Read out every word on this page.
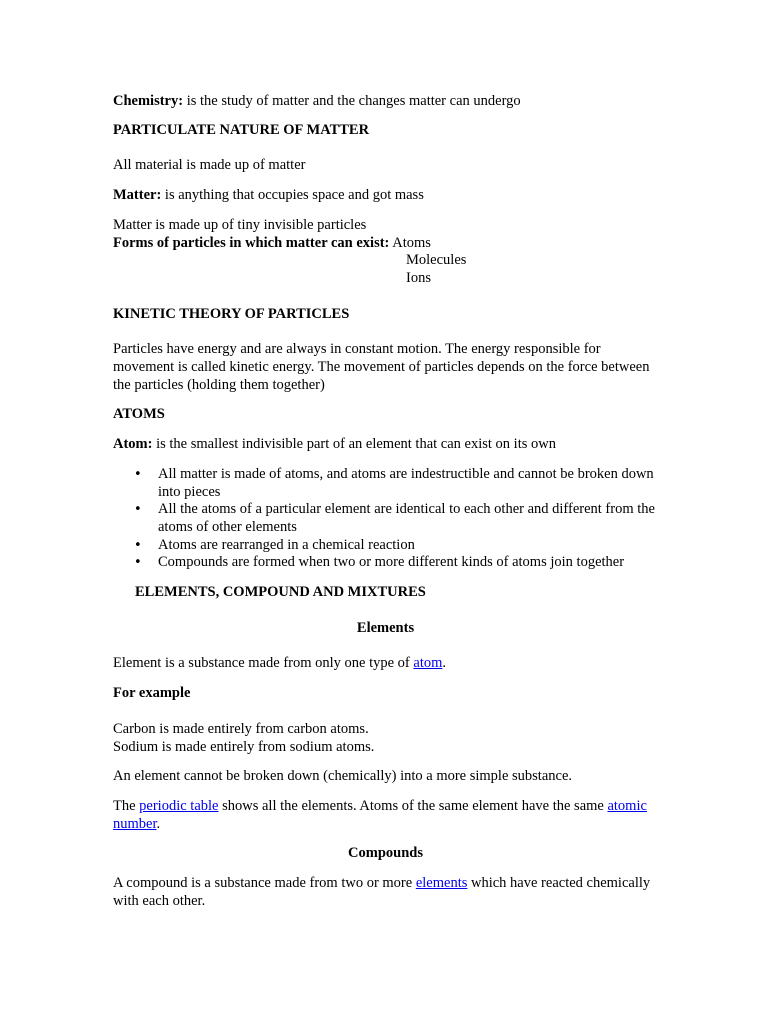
Chemistry: is the study of matter and the changes matter can undergo

PARTICULATE NATURE OF MATTER

All material is made up of matter

Matter: is anything that occupies space and got mass

Matter is made up of tiny invisible particles

Forms of particles in which matter can exist: Atoms

Molecules

Ions

KINETIC THEORY OF PARTICLES

Particles have energy and are always in constant motion. The energy responsible for movement is called kinetic energy. The movement of particles depends on the force between the particles (holding them together)

ATOMS

Atom: is the smallest indivisible part of an element that can exist on its own

• All matter is made of atoms, and atoms are indestructible and cannot be broken down into pieces
• All the atoms of a particular element are identical to each other and different from the atoms of other elements
• Atoms are rearranged in a chemical reaction
• Compounds are formed when two or more different kinds of atoms join together

ELEMENTS, COMPOUND AND MIXTURES

Elements

Element is a substance made from only one type of atom.

For example

Carbon is made entirely from carbon atoms.

Sodium is made entirely from sodium atoms.

An element cannot be broken down (chemically) into a more simple substance.

The periodic table shows all the elements. Atoms of the same element have the same atomic number.

Compounds

A compound is a substance made from two or more elements which have reacted chemically with each other.
